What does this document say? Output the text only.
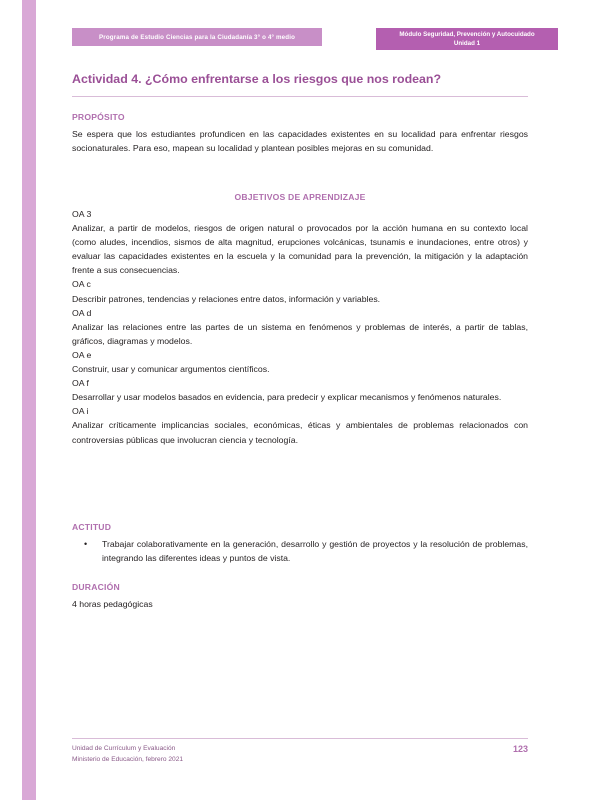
Programa de Estudio Ciencias para la Ciudadanía 3° o 4° medio	Módulo Seguridad, Prevención y Autocuidado
Unidad 1
Actividad 4. ¿Cómo enfrentarse a los riesgos que nos rodean?
PROPÓSITO
Se espera que los estudiantes profundicen en las capacidades existentes en su localidad para enfrentar riesgos socionaturales. Para eso, mapean su localidad y plantean posibles mejoras en su comunidad.
OBJETIVOS DE APRENDIZAJE
OA 3
Analizar, a partir de modelos, riesgos de origen natural o provocados por la acción humana en su contexto local (como aludes, incendios, sismos de alta magnitud, erupciones volcánicas, tsunamis e inundaciones, entre otros) y evaluar las capacidades existentes en la escuela y la comunidad para la prevención, la mitigación y la adaptación frente a sus consecuencias.
OA c
Describir patrones, tendencias y relaciones entre datos, información y variables.
OA d
Analizar las relaciones entre las partes de un sistema en fenómenos y problemas de interés, a partir de tablas, gráficos, diagramas y modelos.
OA e
Construir, usar y comunicar argumentos científicos.
OA f
Desarrollar y usar modelos basados en evidencia, para predecir y explicar mecanismos y fenómenos naturales.
OA i
Analizar críticamente implicancias sociales, económicas, éticas y ambientales de problemas relacionados con controversias públicas que involucran ciencia y tecnología.
ACTITUD
• Trabajar colaborativamente en la generación, desarrollo y gestión de proyectos y la resolución de problemas, integrando las diferentes ideas y puntos de vista.
DURACIÓN
4 horas pedagógicas
Unidad de Currículum y Evaluación
Ministerio de Educación, febrero 2021
123
